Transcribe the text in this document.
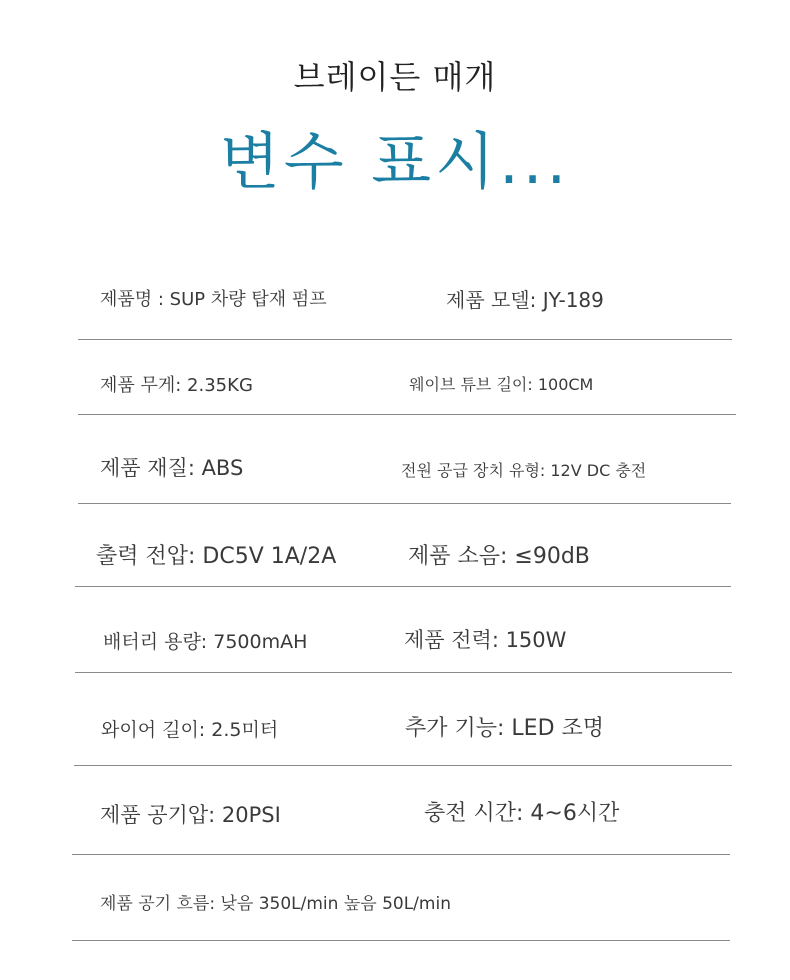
브레이든 매개
변수 표시...
제품명 : SUP 차량 탑재 펌프	제품 모델: JY-189
제품 무게: 2.35KG	웨이브 튜브 길이: 100CM
제품 재질: ABS	전원 공급 장치 유형: 12V DC 충전
출력 전압: DC5V 1A/2A	제품 소음: ≤90dB
배터리 용량: 7500mAH	제품 전력: 150W
와이어 길이: 2.5미터	추가 기능: LED 조명
제품 공기압: 20PSI	충전 시간: 4~6시간
제품 공기 흐름: 낮음 350L/min 높음 50L/min
